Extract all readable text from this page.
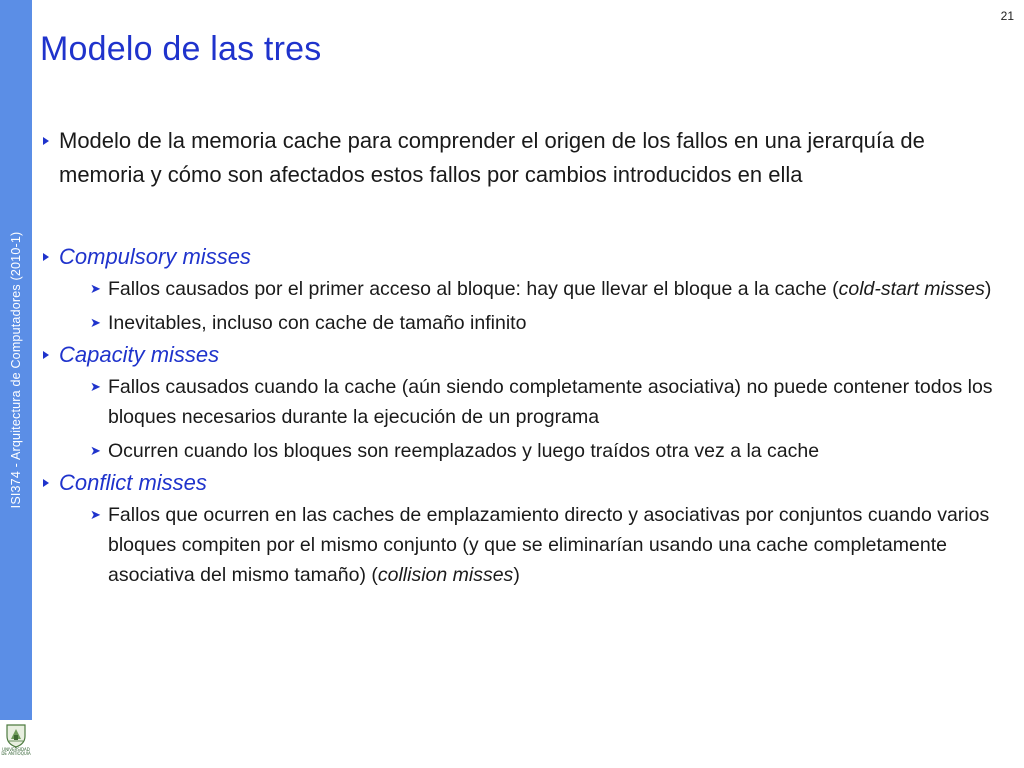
ISI374 - Arquitectura de Computadores (2010-1)
UNIVERSIDAD
DE ANTIOQUIA
21
Modelo de las tres
Modelo de la memoria cache para comprender el origen de los fallos en una jerarquía de memoria y cómo son afectados estos fallos por cambios introducidos en ella
Compulsory misses
➤ Fallos causados por el primer acceso al bloque: hay que llevar el bloque a la cache (cold-start misses)
➤ Inevitables, incluso con cache de tamaño infinito
Capacity misses
➤ Fallos causados cuando la cache (aún siendo completamente asociativa) no puede contener todos los bloques necesarios durante la ejecución de un programa
➤ Ocurren cuando los bloques son reemplazados y luego traídos otra vez a la cache
Conflict misses
➤ Fallos que ocurren en las caches de emplazamiento directo y asociativas por conjuntos cuando varios bloques compiten por el mismo conjunto (y que se eliminarían usando una cache completamente asociativa del mismo tamaño) (collision misses)
